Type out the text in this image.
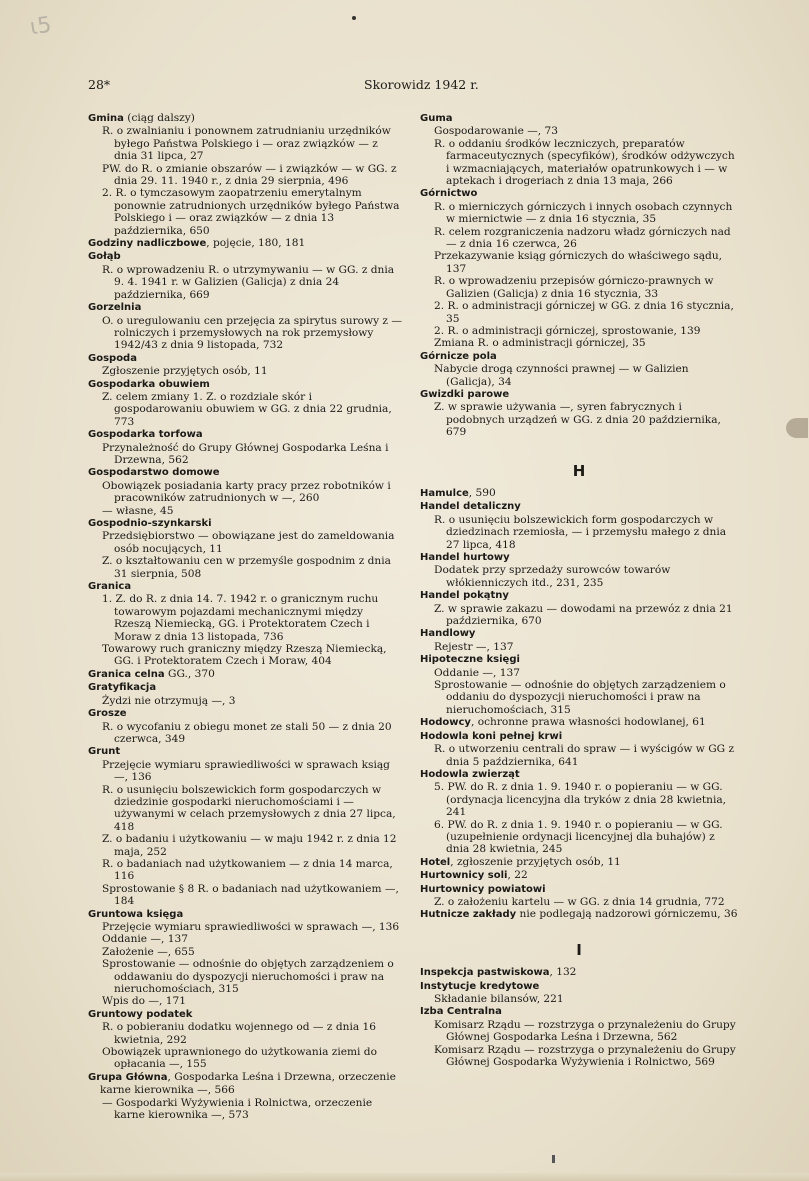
ɩ5
28*	Skorowidz 1942 r.
Gmina (ciąg dalszy)
R. o zwalnianiu i ponownem zatrudnianiu urzędników byłego Państwa Polskiego i — oraz związków — z dnia 31 lipca, 27
PW. do R. o zmianie obszarów — i związków — w GG. z dnia 29. 11. 1940 r., z dnia 29 sierpnia, 496
2. R. o tymczasowym zaopatrzeniu emerytalnym ponownie zatrudnionych urzędników byłego Państwa Polskiego i — oraz związków — z dnia 13 października, 650
Godziny nadliczbowe, pojęcie, 180, 181
Gołąb
R. o wprowadzeniu R. o utrzymywaniu — w GG. z dnia 9. 4. 1941 r. w Galizien (Galicja) z dnia 24 października, 669
Gorzelnia
O. o uregulowaniu cen przejęcia za spirytus surowy z — rolniczych i przemysłowych na rok przemysłowy 1942/43 z dnia 9 listopada, 732
Gospoda
Zgłoszenie przyjętych osób, 11
Gospodarka obuwiem
Z. celem zmiany 1. Z. o rozdziale skór i gospodarowaniu obuwiem w GG. z dnia 22 grudnia, 773
Gospodarka torfowa
Przynależność do Grupy Głównej Gospodarka Leśna i Drzewna, 562
Gospodarstwo domowe
Obowiązek posiadania karty pracy przez robotników i pracowników zatrudnionych w —, 260
— własne, 45
Gospodnio-szynkarski
Przedsiębiorstwo — obowiązane jest do zameldowania osób nocujących, 11
Z. o kształtowaniu cen w przemyśle gospodnim z dnia 31 sierpnia, 508
Granica
1. Z. do R. z dnia 14. 7. 1942 r. o granicznym ruchu towarowym pojazdami mechanicznymi między Rzeszą Niemiecką, GG. i Protektoratem Czech i Moraw z dnia 13 listopada, 736
Towarowy ruch graniczny między Rzeszą Niemiecką, GG. i Protektoratem Czech i Moraw, 404
Granica celna GG., 370
Gratyfikacja
Żydzi nie otrzymują —, 3
Grosze
R. o wycofaniu z obiegu monet ze stali 50 — z dnia 20 czerwca, 349
Grunt
Przejęcie wymiaru sprawiedliwości w sprawach ksiąg —, 136
R. o usunięciu bolszewickich form gospodarczych w dziedzinie gospodarki nieruchomościami i — używanymi w celach przemysłowych z dnia 27 lipca, 418
Z. o badaniu i użytkowaniu — w maju 1942 r. z dnia 12 maja, 252
R. o badaniach nad użytkowaniem — z dnia 14 marca, 116
Sprostowanie § 8 R. o badaniach nad użytkowaniem —, 184
Gruntowa księga
Przejęcie wymiaru sprawiedliwości w sprawach —, 136
Oddanie —, 137
Założenie —, 655
Sprostowanie — odnośnie do objętych zarządzeniem o oddawaniu do dyspozycji nieruchomości i praw na nieruchomościach, 315
Wpis do —, 171
Gruntowy podatek
R. o pobieraniu dodatku wojennego od — z dnia 16 kwietnia, 292
Obowiązek uprawnionego do użytkowania ziemi do opłacania —, 155
Grupa Główna, Gospodarka Leśna i Drzewna, orzeczenie karne kierownika —, 566
— Gospodarki Wyżywienia i Rolnictwa, orzeczenie karne kierownika —, 573
Guma
Gospodarowanie —, 73
R. o oddaniu środków leczniczych, preparatów farmaceutycznych (specyfików), środków odżywczych i wzmacniających, materiałów opatrunkowych i — w aptekach i drogeriach z dnia 13 maja, 266
Górnictwo
R. o mierniczych górniczych i innych osobach czynnych w miernictwie — z dnia 16 stycznia, 35
R. celem rozgraniczenia nadzoru władz górniczych nad — z dnia 16 czerwca, 26
Przekazywanie ksiąg górniczych do właściwego sądu, 137
R. o wprowadzeniu przepisów górniczo-prawnych w Galizien (Galicja) z dnia 16 stycznia, 33
2. R. o administracji górniczej w GG. z dnia 16 stycznia, 35
2. R. o administracji górniczej, sprostowanie, 139
Zmiana R. o administracji górniczej, 35
Górnicze pola
Nabycie drogą czynności prawnej — w Galizien (Galicja), 34
Gwizdki parowe
Z. w sprawie używania —, syren fabrycznych i podobnych urządzeń w GG. z dnia 20 października, 679
H
Hamulce, 590
Handel detaliczny
R. o usunięciu bolszewickich form gospodarczych w dziedzinach rzemiosła, — i przemysłu małego z dnia 27 lipca, 418
Handel hurtowy
Dodatek przy sprzedaży surowców towarów włókienniczych itd., 231, 235
Handel pokątny
Z. w sprawie zakazu — dowodami na przewóz z dnia 21 października, 670
Handlowy
Rejestr —, 137
Hipoteczne księgi
Oddanie —, 137
Sprostowanie — odnośnie do objętych zarządzeniem o oddaniu do dyspozycji nieruchomości i praw na nieruchomościach, 315
Hodowcy, ochronne prawa własności hodowlanej, 61
Hodowla koni pełnej krwi
R. o utworzeniu centrali do spraw — i wyścigów w GG z dnia 5 października, 641
Hodowla zwierząt
5. PW. do R. z dnia 1. 9. 1940 r. o popieraniu — w GG. (ordynacja licencyjna dla tryków z dnia 28 kwietnia, 241
6. PW. do R. z dnia 1. 9. 1940 r. o popieraniu — w GG. (uzupełnienie ordynacji licencyjnej dla buhajów) z dnia 28 kwietnia, 245
Hotel, zgłoszenie przyjętych osób, 11
Hurtownicy soli, 22
Hurtownicy powiatowi
Z. o założeniu kartelu — w GG. z dnia 14 grudnia, 772
Hutnicze zakłady nie podlegają nadzorowi górniczemu, 36
I
Inspekcja pastwiskowa, 132
Instytucje kredytowe
Składanie bilansów, 221
Izba Centralna
Komisarz Rządu — rozstrzyga o przynależeniu do Grupy Głównej Gospodarka Leśna i Drzewna, 562
Komisarz Rządu — rozstrzyga o przynależeniu do Grupy Głównej Gospodarka Wyżywienia i Rolnictwo, 569
